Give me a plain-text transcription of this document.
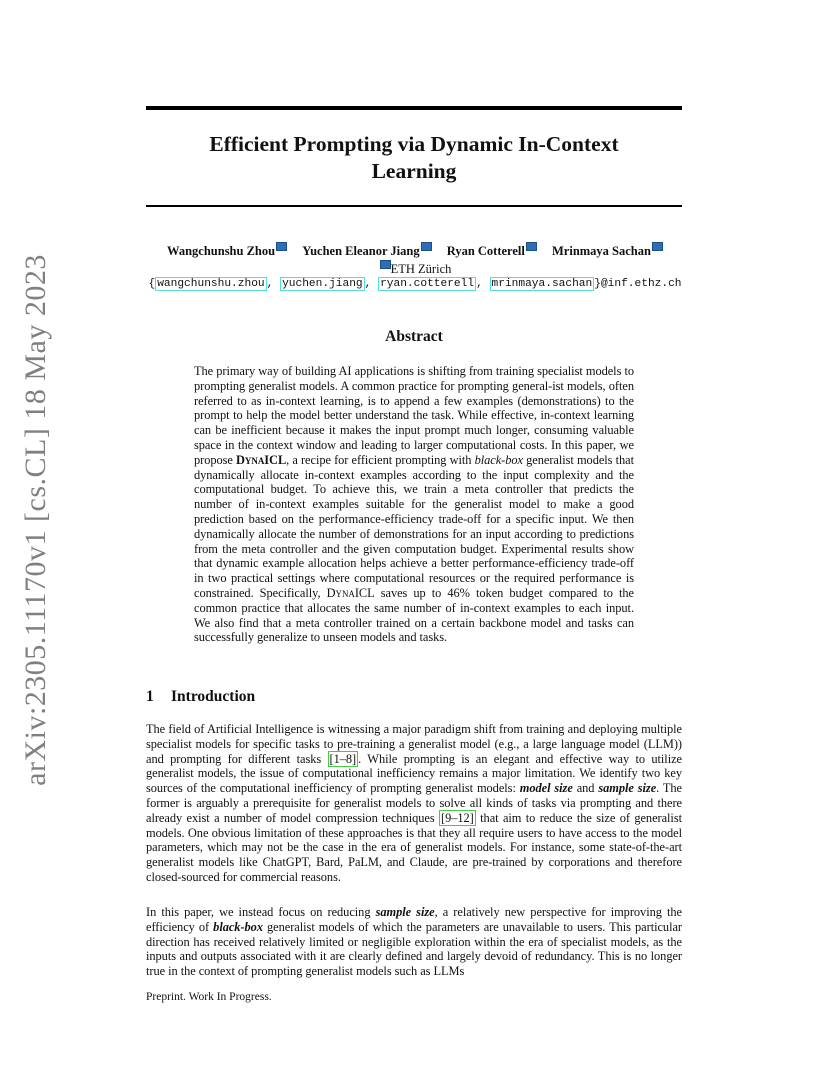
arXiv:2305.11170v1 [cs.CL] 18 May 2023
Efficient Prompting via Dynamic In-Context
Learning
Wangchunshu Zhou Yuchen Eleanor Jiang Ryan Cotterell Mrinmaya Sachan
ETH Zürich
{ wangchunshu.zhou , yuchen.jiang , ryan.cotterell , mrinmaya.sachan }@inf.ethz.ch
Abstract

The primary way of building AI applications is shifting from training specialist models to prompting generalist models. A common practice for prompting general-ist models, often referred to as in-context learning, is to append a few examples (demonstrations) to the prompt to help the model better understand the task. While effective, in-context learning can be inefficient because it makes the input prompt much longer, consuming valuable space in the context window and leading to larger computational costs. In this paper, we propose DynaICL, a recipe for efficient prompting with black-box generalist models that dynamically allocate in-context examples according to the input complexity and the computational budget. To achieve this, we train a meta controller that predicts the number of in-context examples suitable for the generalist model to make a good prediction based on the performance-efficiency trade-off for a specific input. We then dynamically allocate the number of demonstrations for an input according to predictions from the meta controller and the given computation budget. Experimental results show that dynamic example allocation helps achieve a better performance-efficiency trade-off in two practical settings where computational resources or the required performance is constrained. Specifically, DynaICL saves up to 46% token budget compared to the common practice that allocates the same number of in-context examples to each input. We also find that a meta controller trained on a certain backbone model and tasks can successfully generalize to unseen models and tasks.

1 Introduction

The field of Artificial Intelligence is witnessing a major paradigm shift from training and deploying multiple specialist models for specific tasks to pre-training a generalist model (e.g., a large language model (LLM)) and prompting for different tasks [1–8] . While prompting is an elegant and effective way to utilize generalist models, the issue of computational inefficiency remains a major limitation. We identify two key sources of the computational inefficiency of prompting generalist models: model size and sample size. The former is arguably a prerequisite for generalist models to solve all kinds of tasks via prompting and there already exist a number of model compression techniques [9–12] that aim to reduce the size of generalist models. One obvious limitation of these approaches is that they all require users to have access to the model parameters, which may not be the case in the era of generalist models. For instance, some state-of-the-art generalist models like ChatGPT, Bard, PaLM, and Claude, are pre-trained by corporations and therefore closed-sourced for commercial reasons.

In this paper, we instead focus on reducing sample size, a relatively new perspective for improving the efficiency of black-box generalist models of which the parameters are unavailable to users. This particular direction has received relatively limited or negligible exploration within the era of specialist models, as the inputs and outputs associated with it are clearly defined and largely devoid of redundancy. This is no longer true in the context of prompting generalist models such as LLMs

Preprint. Work In Progress.
